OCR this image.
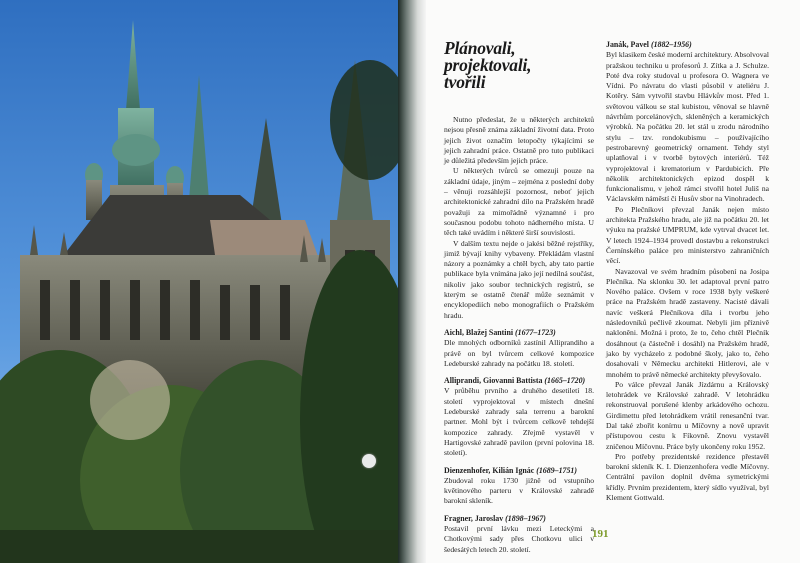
Plánovali,
projektovali,
tvořili

Nutno předeslat, že u některých architektů nejsou přesně známa základní životní data. Proto jejich život označím letopočty týkajícími se jejich zahradní práce. Ostatně pro tuto publikaci je důležitá především jejich práce.

U některých tvůrců se omezuji pouze na základní údaje, jiným – zejména z poslední doby – věnuji rozsáhlejší pozornost, neboť jejich architektonické zahradní dílo na Pražském hradě považuji za mimořádně významné i pro současnou podobu tohoto nádherného místa. U těch také uvádím i některé širší souvislosti.

V dalším textu nejde o jakési běžné rejstříky, jimiž bývají knihy vybaveny. Překládám vlastní názory a poznámky a chtěl bych, aby tato partie publikace byla vnímána jako její nedílná součást, nikoliv jako soubor technických registrů, se kterým se ostatně čtenář může seznámit v encyklopediích nebo monografiích o Pražském hradu.

Aichl, Blažej Santini (1677–1723)

Dle mnohých odborníků zastínil Alliprandiho a právě on byl tvůrcem celkové kompozice Ledeburské zahrady na počátku 18. století.

Alliprandi, Giovanni Battista (1665–1720)

V průběhu prvního a druhého desetiletí 18. století vyprojektoval v místech dnešní Ledeburské zahrady sala terrenu a barokní partner. Mohl být i tvůrcem celkově tehdejší kompozice zahrady. Zřejmě vystavěl v Hartigovské zahradě pavilon (první polovina 18. století).

Dienzenhofer, Kilián Ignác (1689–1751)

Zbudoval roku 1730 jižně od vstupního květinového parteru v Královské zahradě barokní skleník.

Fragner, Jaroslav (1898–1967)

Postavil první lávku mezi Leteckými a Chotkovými sady přes Chotkovu ulici v šedesátých letech 20. století.

Janák, Pavel (1882–1956)

Byl klasikem české moderní architektury. Absolvoval pražskou techniku u profesorů J. Zítka a J. Schulze. Poté dva roky studoval u profesora O. Wagnera ve Vídni. Po návratu do vlasti působil v ateliéru J. Kotěry. Sám vytvořil stavbu Hlávkův most. Před 1. světovou válkou se stal kubistou, věnoval se hlavně návrhům porcelánových, skleněných a keramických výrobků. Na počátku 20. let stál u zrodu národního stylu – tzv. rondokubismu – používajícího pestrobarevný geometrický ornament. Tehdy styl uplatňoval i v tvorbě bytových interiérů. Též vyprojektoval i krematorium v Pardubicích. Pře několik architektonických epizod dospěl k funkcionalismu, v jehož rámci stvořil hotel Juliš na Václavském náměstí či Husův sbor na Vinohradech.

Po Plečníkovi převzal Janák nejen místo architekta Pražského hradu, ale již na počátku 20. let výuku na pražské UMPRUM, kde vytrval dvacet let. V letech 1924–1934 provedl dostavbu a rekonstrukci Černínského paláce pro ministerstvo zahraničních věcí.

Navazoval ve svém hradním působení na Josipa Plečníka. Na sklonku 30. let adaptoval první patro Nového paláce. Ovšem v roce 1938 byly veškeré práce na Pražském hradě zastaveny. Nacisté dávali navíc veškerá Plečníkova díla i tvorbu jeho následovníků pečlivě zkoumat. Nebyli jim příznivě nakloněni. Možná i proto, že to, čeho chtěl Plečník dosáhnout (a částečně i dosáhl) na Pražském hradě, jako by vycházelo z podobné školy, jako to, čeho dosahovali v Německu architekti Hitlerovi, ale v mnohém to právě německé architekty převyšovalo.

Po válce převzal Janák Jízdárnu a Královský letohrádek ve Královské zahradě. V letohrádku rekonstruoval porušené klenby arkádového ochozu. Girdimettu před letohrádkem vrátil renesanční tvar. Dal také zbořit konírnu u Míčovny a nově upravit přístupovou cestu k Fíkovně. Znovu vystavěl zničenou Míčovnu. Práce byly ukončeny roku 1952.

Pro potřeby prezidentské rezidence přestavěl barokní skleník K. I. Dienzenhofera vedle Míčovny. Centrální pavilon doplnil dvěma symetrickými křídly. Prvním prezidentem, který sídlo využíval, byl Klement Gottwald.

191
